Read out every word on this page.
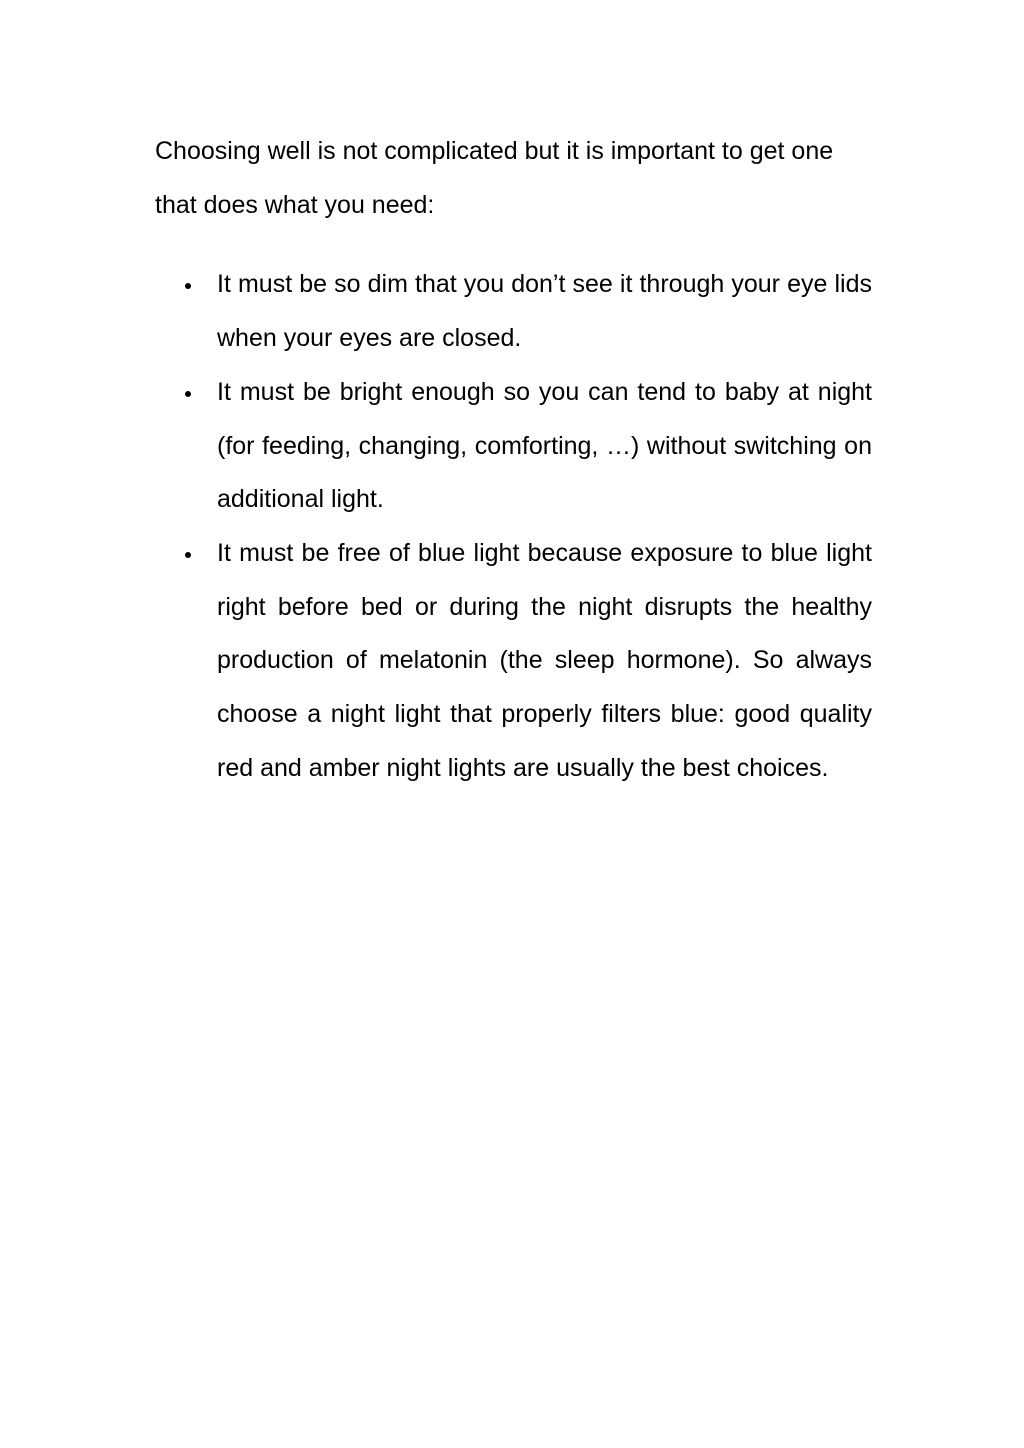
Choosing well is not complicated but it is important to get one that does what you need:

It must be so dim that you don’t see it through your eye lids when your eyes are closed.
It must be bright enough so you can tend to baby at night (for feeding, changing, comforting, …) without switching on additional light.
It must be free of blue light because exposure to blue light right before bed or during the night disrupts the healthy production of melatonin (the sleep hormone). So always choose a night light that properly filters blue: good quality red and amber night lights are usually the best choices.
